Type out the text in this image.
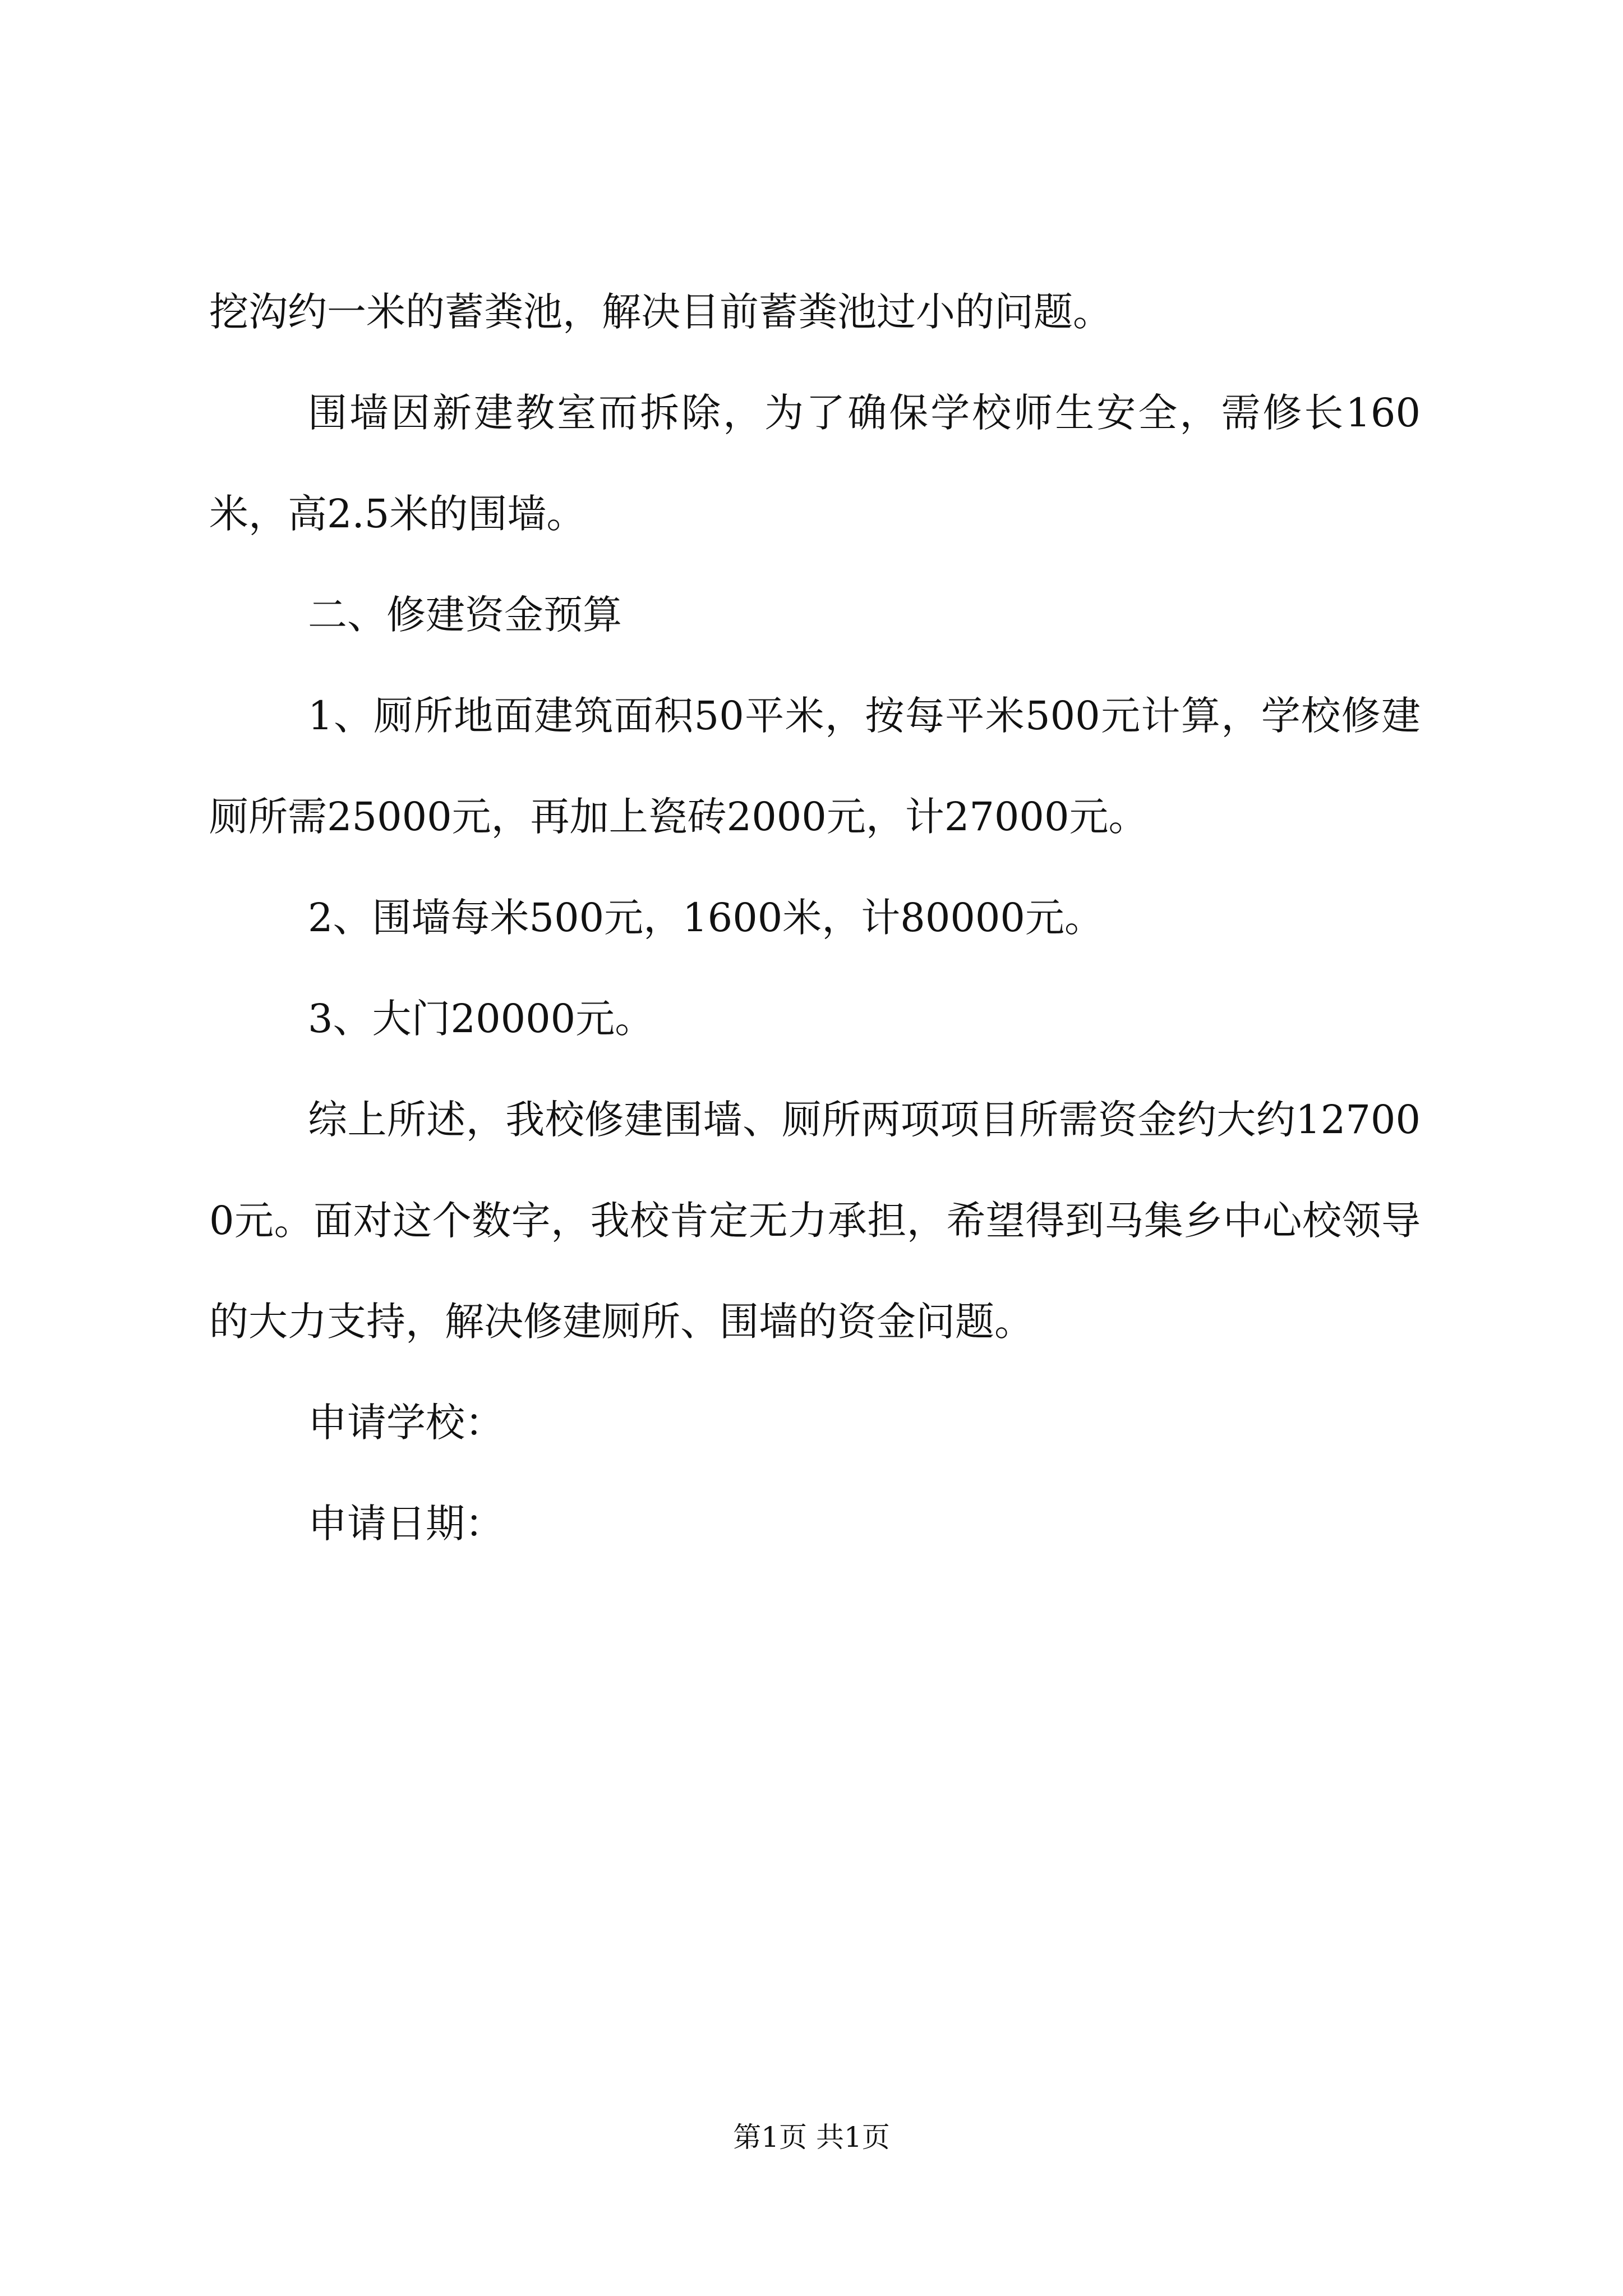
挖沟约一米的蓄粪池，解决目前蓄粪池过小的问题。

围墙因新建教室而拆除，为了确保学校师生安全，需修长160米，高2.5米的围墙。

二、修建资金预算

1、厕所地面建筑面积50平米，按每平米500元计算，学校修建厕所需25000元，再加上瓷砖2000元，计27000元。

2、围墙每米500元，1600米，计80000元。

3、大门20000元。

综上所述，我校修建围墙、厕所两项项目所需资金约大约127000元。面对这个数字，我校肯定无力承担，希望得到马集乡中心校领导的大力支持，解决修建厕所、围墙的资金问题。

申请学校：

申请日期：

第1页 共1页
